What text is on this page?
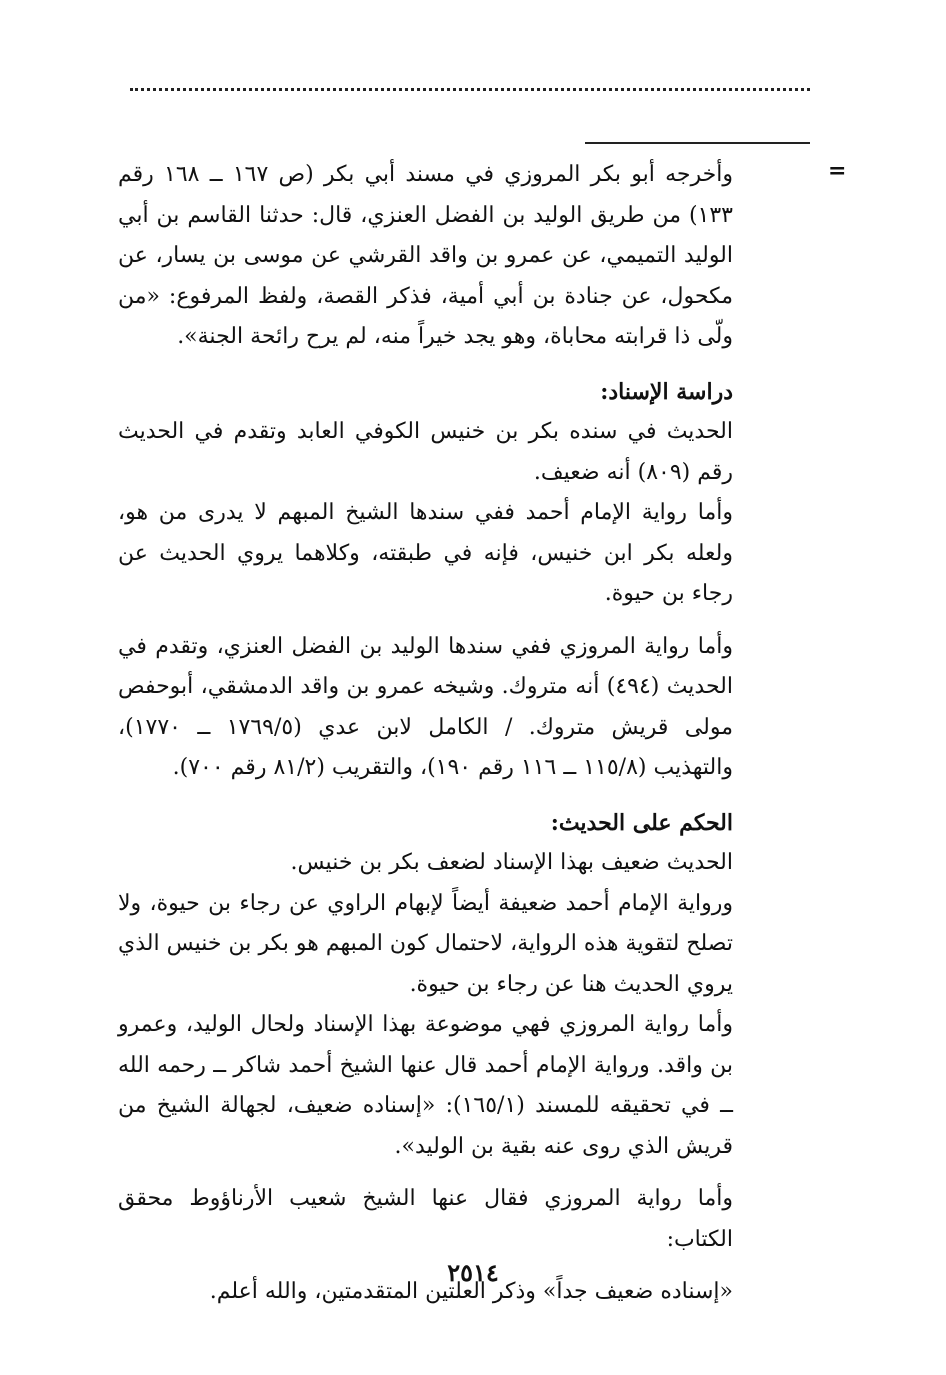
=

وأخرجه أبو بكر المروزي في مسند أبي بكر (ص ١٦٧ ــ ١٦٨ رقم ١٣٣) من طريق الوليد بن الفضل العنزي، قال: حدثنا القاسم بن أبي الوليد التميمي، عن عمرو بن واقد القرشي عن موسى بن يسار، عن مكحول، عن جنادة بن أبي أمية، فذكر القصة، ولفظ المرفوع: «من ولّى ذا قرابته محاباة، وهو يجد خيراً منه، لم يرح رائحة الجنة».

دراسة الإسناد:

الحديث في سنده بكر بن خنيس الكوفي العابد وتقدم في الحديث رقم (٨٠٩) أنه ضعيف.

وأما رواية الإمام أحمد ففي سندها الشيخ المبهم لا يدرى من هو، ولعله بكر ابن خنيس، فإنه في طبقته، وكلاهما يروي الحديث عن رجاء بن حيوة.

وأما رواية المروزي ففي سندها الوليد بن الفضل العنزي، وتقدم في الحديث (٤٩٤) أنه متروك. وشيخه عمرو بن واقد الدمشقي، أبوحفص مولى قريش متروك. / الكامل لابن عدي (١٧٦٩/٥ ــ ١٧٧٠)، والتهذيب (١١٥/٨ ــ ١١٦ رقم ١٩٠)، والتقريب (٨١/٢ رقم ٧٠٠).

الحكم على الحديث:

الحديث ضعيف بهذا الإسناد لضعف بكر بن خنيس.

ورواية الإمام أحمد ضعيفة أيضاً لإبهام الراوي عن رجاء بن حيوة، ولا تصلح لتقوية هذه الرواية، لاحتمال كون المبهم هو بكر بن خنيس الذي يروي الحديث هنا عن رجاء بن حيوة.

وأما رواية المروزي فهي موضوعة بهذا الإسناد ولحال الوليد، وعمرو بن واقد. ورواية الإمام أحمد قال عنها الشيخ أحمد شاكر ــ رحمه الله ــ في تحقيقه للمسند (١٦٥/١): «إسناده ضعيف، لجهالة الشيخ من قريش الذي روى عنه بقية بن الوليد».

وأما رواية المروزي فقال عنها الشيخ شعيب الأرناؤوط محقق الكتاب:

«إسناده ضعيف جداً» وذكر العلتين المتقدمتين، والله أعلم.

٢٥١٤
